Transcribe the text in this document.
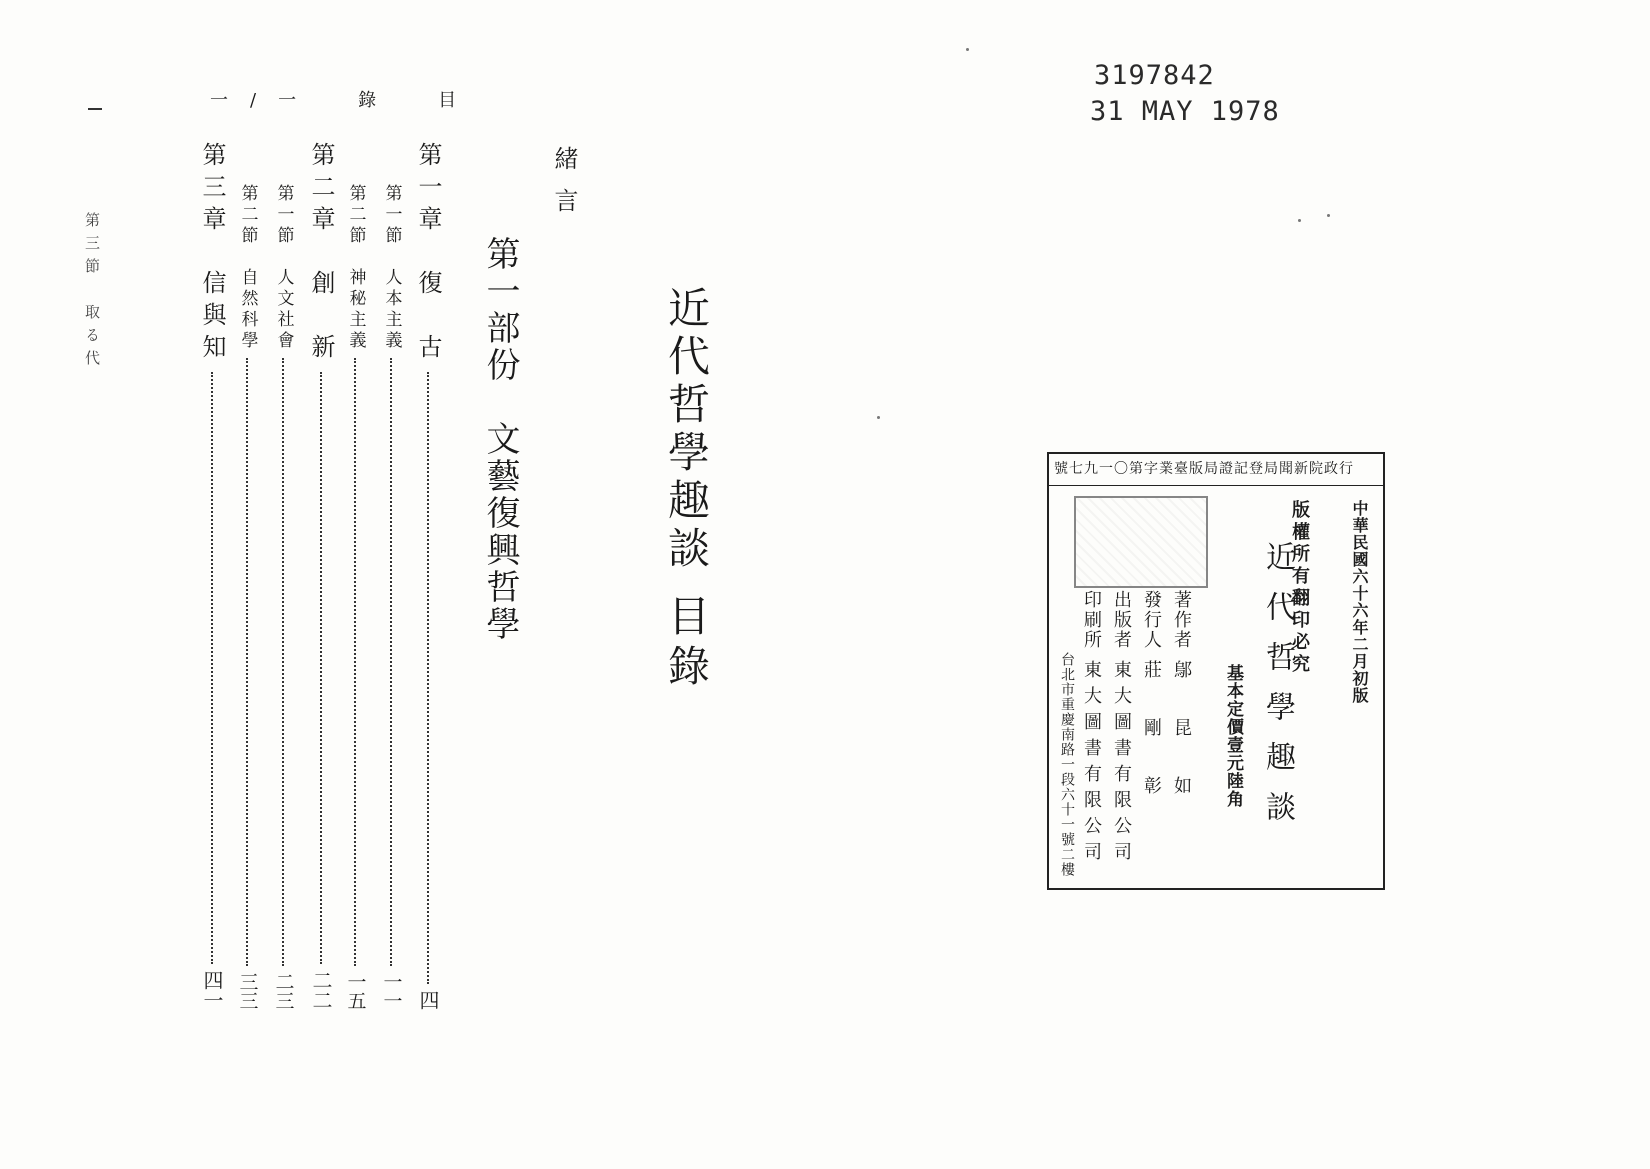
第三節　取る代
一/一　錄　目
近代哲學趣談
目錄
緒言
第一部份　文藝復興哲學
第一章　復　古
四
第一節　人本主義
一一
第二節　神秘主義
一五
第二章　創　新
二二
第一節　人文社會
二三
第二節　自然科學
三三
第三章　信與知
四一
3197842
31 MAY 1978
行政院新聞局登記證局版臺業字第〇一九七號
中華民國六十六年二月初版
近代哲學趣談
基本定價壹元陸角
版權所有翻印必究
著作者鄔昆如
發行人莊剛彰
出版者東大圖書有限公司
印刷所東大圖書有限公司
台北市重慶南路一段六十一號二樓
